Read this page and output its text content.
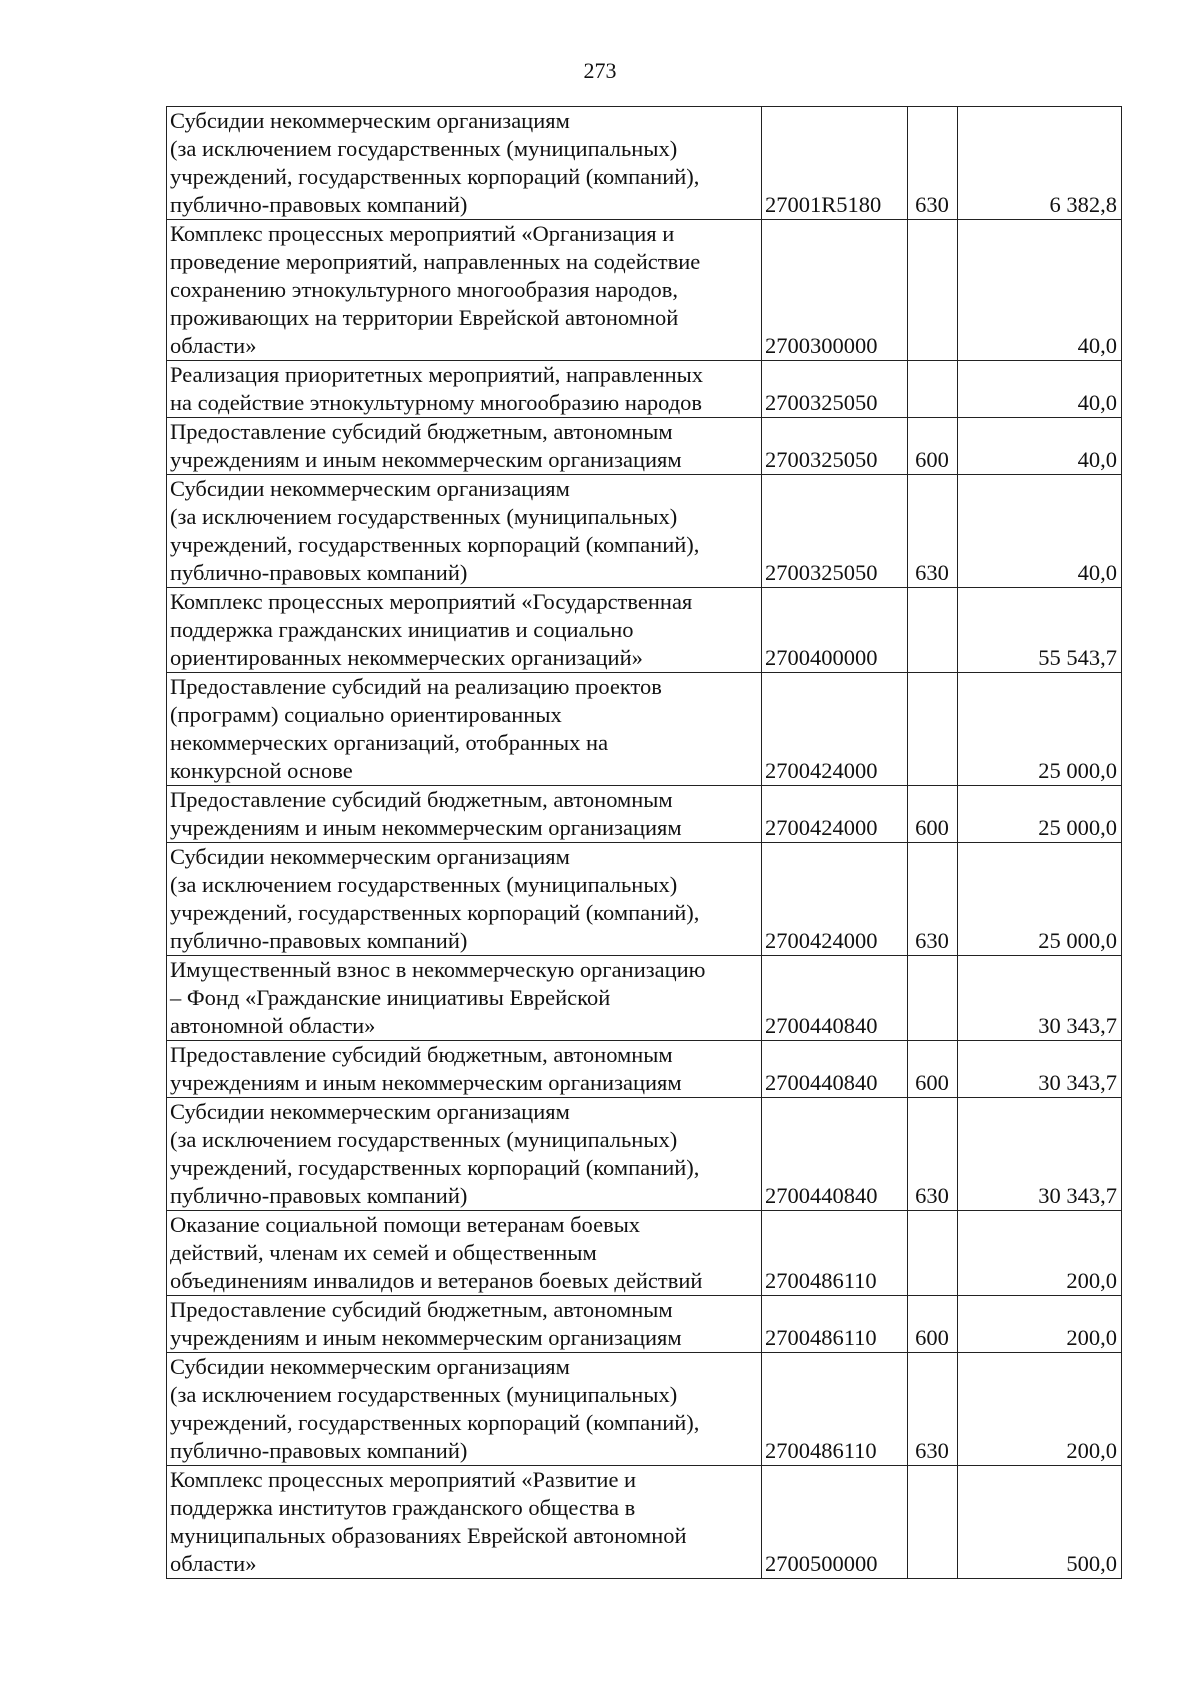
273
Субсидии некоммерческим организациям
(за исключением государственных (муниципальных)
учреждений, государственных корпораций (компаний),
публично-правовых компаний)	27001R5180	630	6 382,8
Комплекс процессных мероприятий «Организация и
проведение мероприятий, направленных на содействие
сохранению этнокультурного многообразия народов,
проживающих на территории Еврейской автономной
области»	2700300000		40,0
Реализация приоритетных мероприятий, направленных
на содействие этнокультурному многообразию народов	2700325050		40,0
Предоставление субсидий бюджетным, автономным
учреждениям и иным некоммерческим организациям	2700325050	600	40,0
Субсидии некоммерческим организациям
(за исключением государственных (муниципальных)
учреждений, государственных корпораций (компаний),
публично-правовых компаний)	2700325050	630	40,0
Комплекс процессных мероприятий «Государственная
поддержка гражданских инициатив и социально
ориентированных некоммерческих организаций»	2700400000		55 543,7
Предоставление субсидий на реализацию проектов
(программ) социально ориентированных
некоммерческих организаций, отобранных на
конкурсной основе	2700424000		25 000,0
Предоставление субсидий бюджетным, автономным
учреждениям и иным некоммерческим организациям	2700424000	600	25 000,0
Субсидии некоммерческим организациям
(за исключением государственных (муниципальных)
учреждений, государственных корпораций (компаний),
публично-правовых компаний)	2700424000	630	25 000,0
Имущественный взнос в некоммерческую организацию
– Фонд «Гражданские инициативы Еврейской
автономной области»	2700440840		30 343,7
Предоставление субсидий бюджетным, автономным
учреждениям и иным некоммерческим организациям	2700440840	600	30 343,7
Субсидии некоммерческим организациям
(за исключением государственных (муниципальных)
учреждений, государственных корпораций (компаний),
публично-правовых компаний)	2700440840	630	30 343,7
Оказание социальной помощи ветеранам боевых
действий, членам их семей и общественным
объединениям инвалидов и ветеранов боевых действий	2700486110		200,0
Предоставление субсидий бюджетным, автономным
учреждениям и иным некоммерческим организациям	2700486110	600	200,0
Субсидии некоммерческим организациям
(за исключением государственных (муниципальных)
учреждений, государственных корпораций (компаний),
публично-правовых компаний)	2700486110	630	200,0
Комплекс процессных мероприятий «Развитие и
поддержка институтов гражданского общества в
муниципальных образованиях Еврейской автономной
области»	2700500000		500,0
